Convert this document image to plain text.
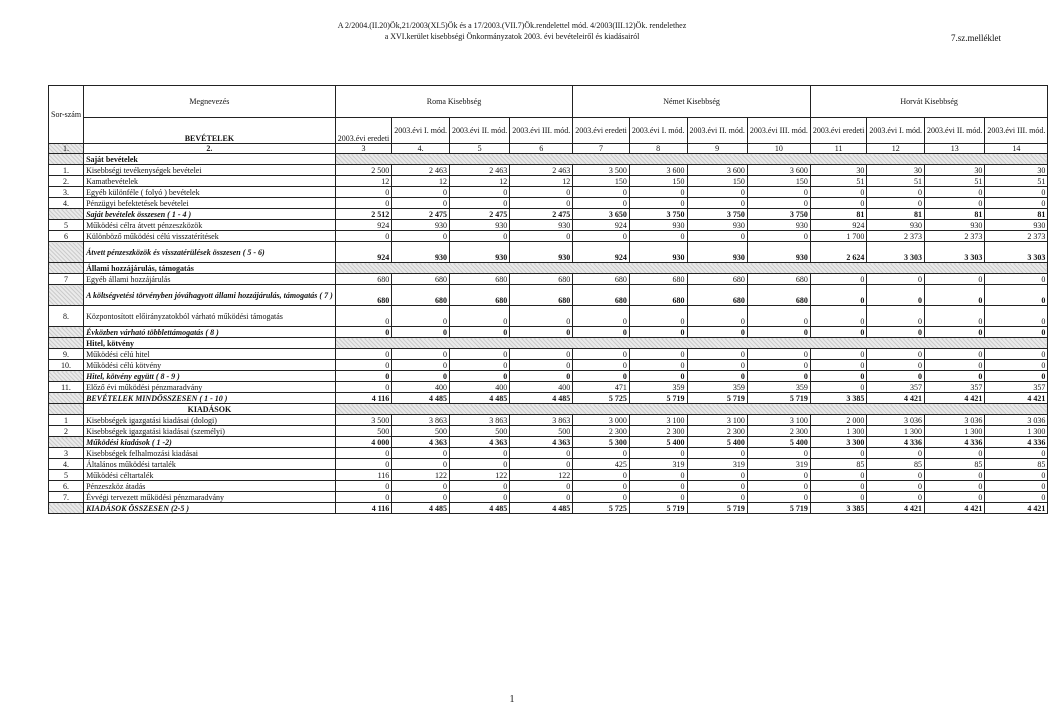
A 2/2004.(II.20)Ök,21/2003(XI.5)Ök és a 17/2003.(VII.7)Ök.rendelettel mód. 4/2003(III.12)Ök. rendelethez
a XVI.kerület kisebbségi Önkormányzatok 2003. évi bevételeiről és kiadásairól	7.sz.melléklet
Sor-szám	Megnevezés	Roma Kisebbség				Német Kisebbség				Horvát Kisebbség			
	BEVÉTELEK	2003.évi eredeti	2003.évi I. mód.	2003.évi II. mód.	2003.évi III. mód.	2003.évi eredeti	2003.évi I. mód.	2003.évi II. mód.	2003.évi III. mód.	2003.évi eredeti	2003.évi I. mód.	2003.évi II. mód.	2003.évi III. mód.
1.	2.	3	4.	5	6	7	8	9	10	11	12	13	14
	Saját bevételek												
1.	Kisebbségi tevékenységek bevételei	2 500	2 463	2 463	2 463	3 500	3 600	3 600	3 600	30	30	30	30
2.	Kamatbevételek	12	12	12	12	150	150	150	150	51	51	51	51
3.	Egyéb különféle ( folyó ) bevételek	0	0	0	0	0	0	0	0	0	0	0	0
4.	Pénzügyi befektetések bevételei	0	0	0	0	0	0	0	0	0	0	0	0
	Saját bevételek összesen ( 1 - 4 )	2 512	2 475	2 475	2 475	3 650	3 750	3 750	3 750	81	81	81	81
5	Működési célra átvett pénzeszközök	924	930	930	930	924	930	930	930	924	930	930	930
6	Különböző működési célú visszatérítések	0	0	0	0	0	0	0	0	1 700	2 373	2 373	2 373
	Átvett pénzeszközök és visszatérülések összesen ( 5 - 6)	924	930	930	930	924	930	930	930	2 624	3 303	3 303	3 303
	Állami hozzájárulás, támogatás												
7	Egyéb állami hozzájárulás	680	680	680	680	680	680	680	680	0	0	0	0
	A költségvetési törvényben jóváhagyott állami hozzájárulás, támogatás ( 7 )	680	680	680	680	680	680	680	680	0	0	0	0
8.	Központosított előirányzatokból várható működési támogatás	0	0	0	0	0	0	0	0	0	0	0	0
	Évközben várható többlettámogatás ( 8 )	0	0	0	0	0	0	0	0	0	0	0	0
	Hitel, kötvény												
9.	Működési célú hitel	0	0	0	0	0	0	0	0	0	0	0	0
10.	Működési célú kötvény	0	0	0	0	0	0	0	0	0	0	0	0
	Hitel, kötvény együtt ( 8 - 9 )	0	0	0	0	0	0	0	0	0	0	0	0
11.	Előző évi működési pénzmaradvány	0	400	400	400	471	359	359	359	0	357	357	357
	BEVÉTELEK MINDÖSSZESEN ( 1 - 10 )	4 116	4 485	4 485	4 485	5 725	5 719	5 719	5 719	3 385	4 421	4 421	4 421
	KIADÁSOK												
1	Kisebbségek igazgatási kiadásai (dologi)	3 500	3 863	3 863	3 863	3 000	3 100	3 100	3 100	2 000	3 036	3 036	3 036
2	Kisebbségek igazgatási kiadásai (személyi)	500	500	500	500	2 300	2 300	2 300	2 300	1 300	1 300	1 300	1 300
	Működési kiadások ( 1 -2)	4 000	4 363	4 363	4 363	5 300	5 400	5 400	5 400	3 300	4 336	4 336	4 336
3	Kisebbségek felhalmozási kiadásai	0	0	0	0	0	0	0	0	0	0	0	0
4.	Általános működési tartalék	0	0	0	0	425	319	319	319	85	85	85	85
5	Működési céltartalék	116	122	122	122	0	0	0	0	0	0	0	0
6.	Pénzeszköz átadás	0	0	0	0	0	0	0	0	0	0	0	0
7.	Évvégi tervezett működési pénzmaradvány	0	0	0	0	0	0	0	0	0	0	0	0
	KIADÁSOK ÖSSZESEN (2-5 )	4 116	4 485	4 485	4 485	5 725	5 719	5 719	5 719	3 385	4 421	4 421	4 421
1
